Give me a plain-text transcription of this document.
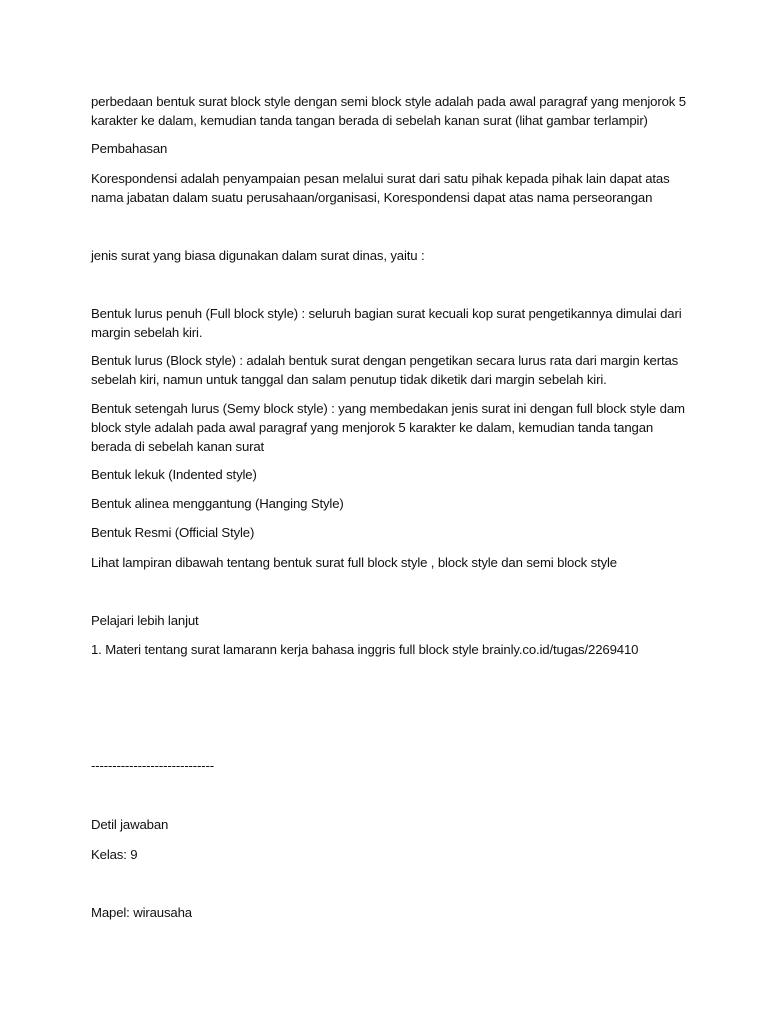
perbedaan bentuk surat block style dengan semi block style adalah pada awal paragraf yang menjorok 5
karakter ke dalam, kemudian tanda tangan berada di sebelah kanan surat (lihat gambar terlampir)
Pembahasan
Korespondensi adalah penyampaian pesan melalui surat dari satu pihak kepada pihak lain dapat atas
nama jabatan dalam suatu perusahaan/organisasi, Korespondensi dapat atas nama perseorangan
jenis surat yang biasa digunakan dalam surat dinas, yaitu :
Bentuk lurus penuh (Full block style) : seluruh bagian surat kecuali kop surat pengetikannya dimulai dari
margin sebelah kiri.
Bentuk lurus (Block style) : adalah bentuk surat dengan pengetikan secara lurus rata dari margin kertas
sebelah kiri, namun untuk tanggal dan salam penutup tidak diketik dari margin sebelah kiri.
Bentuk setengah lurus (Semy block style) : yang membedakan jenis surat ini dengan full block style dam
block style adalah pada awal paragraf yang menjorok 5 karakter ke dalam, kemudian tanda tangan
berada di sebelah kanan surat
Bentuk lekuk (Indented style)
Bentuk alinea menggantung (Hanging Style)
Bentuk Resmi (Official Style)
Lihat lampiran dibawah tentang bentuk surat full block style , block style dan semi block style
Pelajari lebih lanjut
1. Materi tentang surat lamarann kerja bahasa inggris full block style brainly.co.id/tugas/2269410
-----------------------------
Detil jawaban
Kelas: 9
Mapel: wirausaha
